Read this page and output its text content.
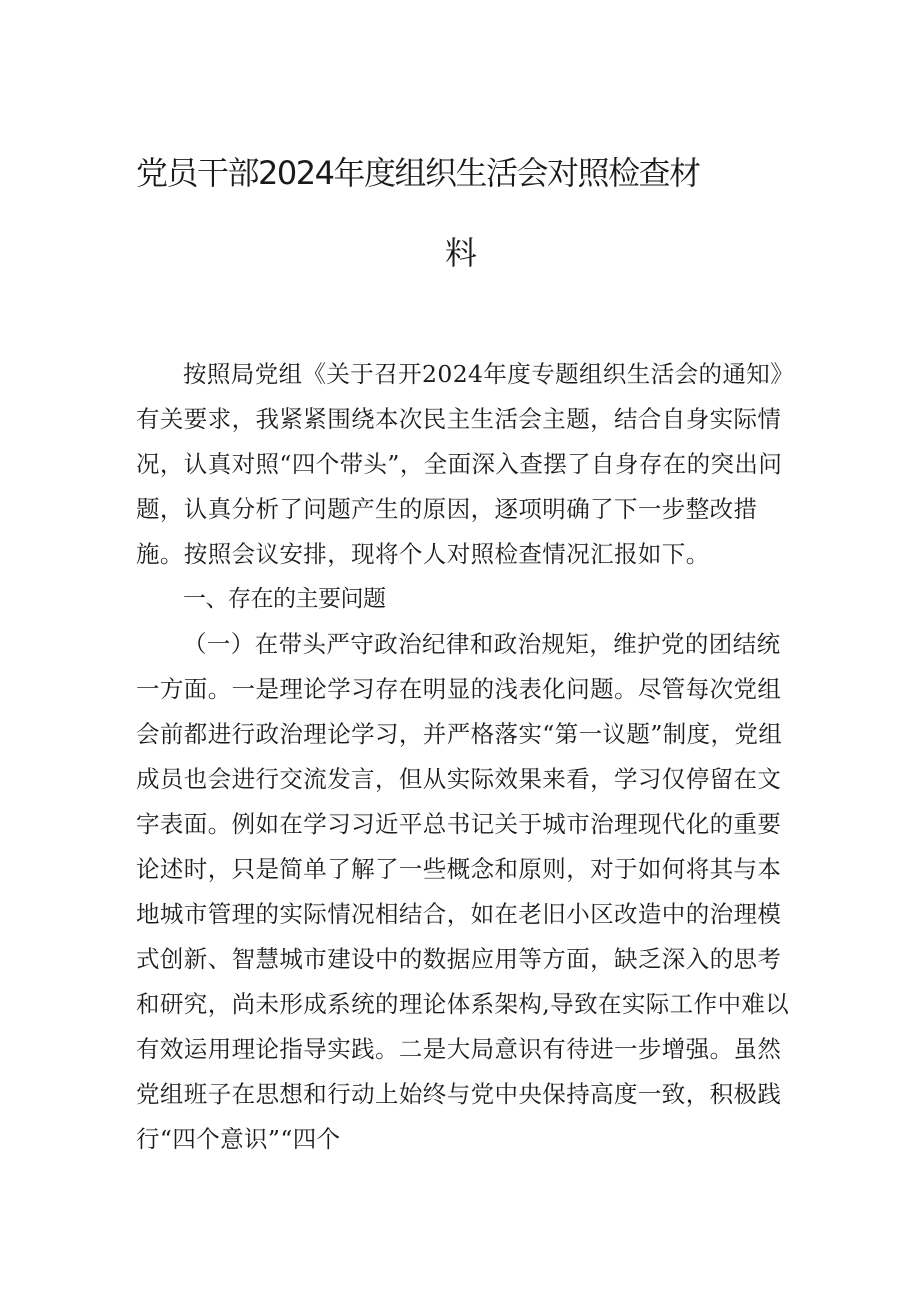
党员干部2024年度组织生活会对照检查材
料

按照局党组《关于召开2024年度专题组织生活会的通知》有关要求，我紧紧围绕本次民主生活会主题，结合自身实际情况，认真对照“四个带头”，全面深入查摆了自身存在的突出问题，认真分析了问题产生的原因，逐项明确了下一步整改措施。按照会议安排，现将个人对照检查情况汇报如下。

一、存在的主要问题

（一）在带头严守政治纪律和政治规矩，维护党的团结统一方面。一是理论学习存在明显的浅表化问题。尽管每次党组会前都进行政治理论学习，并严格落实“第一议题”制度，党组成员也会进行交流发言，但从实际效果来看，学习仅停留在文字表面。例如在学习习近平总书记关于城市治理现代化的重要论述时，只是简单了解了一些概念和原则，对于如何将其与本地城市管理的实际情况相结合，如在老旧小区改造中的治理模式创新、智慧城市建设中的数据应用等方面，缺乏深入的思考和研究，尚未形成系统的理论体系架构,导致在实际工作中难以有效运用理论指导实践。二是大局意识有待进一步增强。虽然党组班子在思想和行动上始终与党中央保持高度一致，积极践行“四个意识”“四个
